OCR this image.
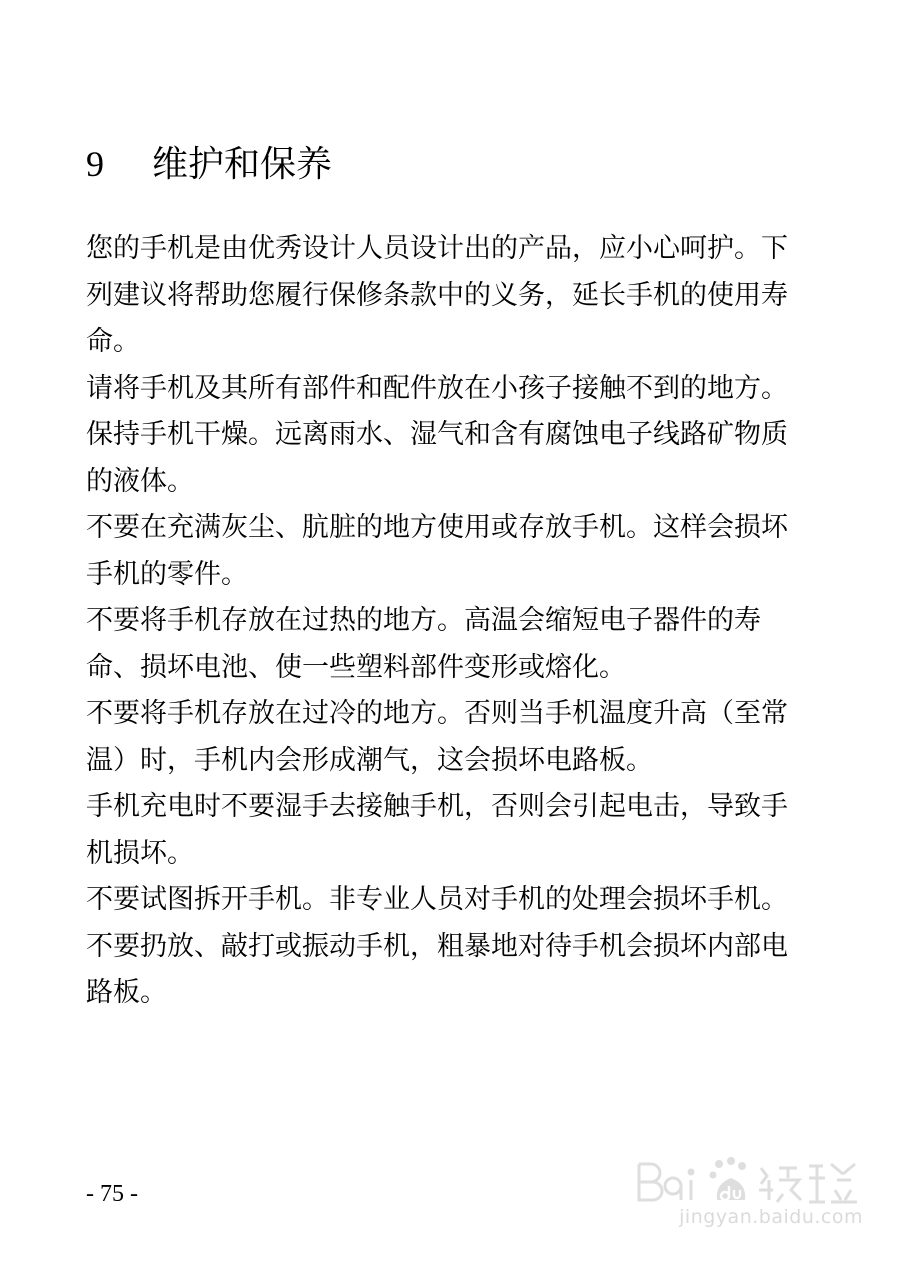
9 维护和保养

您的手机是由优秀设计人员设计出的产品，应小心呵护。下列建议将帮助您履行保修条款中的义务，延长手机的使用寿命。

请将手机及其所有部件和配件放在小孩子接触不到的地方。

保持手机干燥。远离雨水、湿气和含有腐蚀电子线路矿物质的液体。

不要在充满灰尘、肮脏的地方使用或存放手机。这样会损坏手机的零件。

不要将手机存放在过热的地方。高温会缩短电子器件的寿命、损坏电池、使一些塑料部件变形或熔化。

不要将手机存放在过冷的地方。否则当手机温度升高（至常温）时，手机内会形成潮气，这会损坏电路板。

手机充电时不要湿手去接触手机，否则会引起电击，导致手机损坏。

不要试图拆开手机。非专业人员对手机的处理会损坏手机。

不要扔放、敲打或振动手机，粗暴地对待手机会损坏内部电路板。

- 75 -
jingyan.baidu.com
